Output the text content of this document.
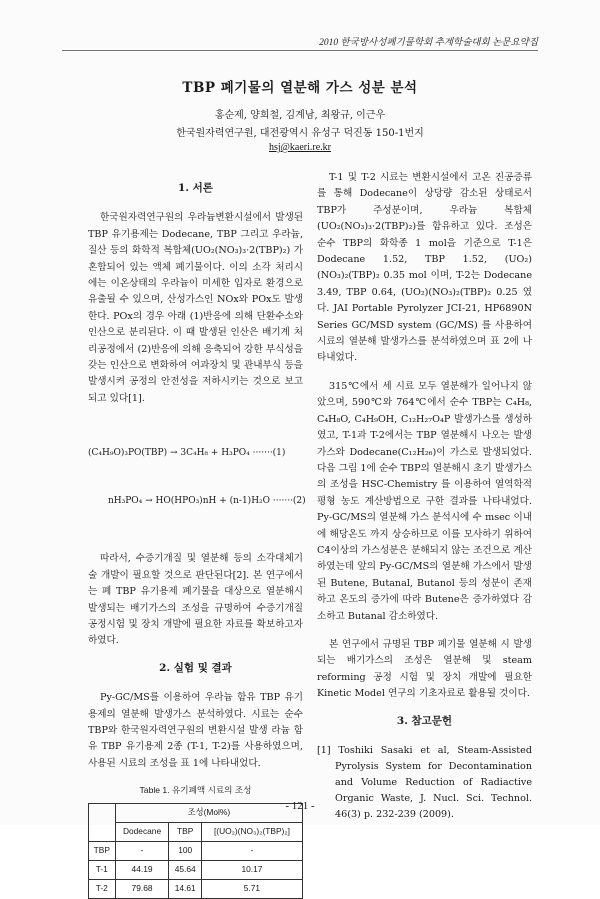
2010 한국방사성폐기물학회 추계학술대회 논문요약집
TBP 폐기물의 열분해 가스 성분 분석
홍순제, 양희철, 김계남, 최왕규, 이근우
한국원자력연구원, 대전광역시 유성구 덕진동 150-1번지
hsj@kaeri.re.kr
1. 서론

한국원자력연구원의 우라늄변환시설에서 발생된 TBP 유기용제는 Dodecane, TBP 그리고 우라늄, 질산 등의 화학적 복합체(UO₂(NO₃)₃·2(TBP)₂) 가 혼합되어 있는 액체 폐기물이다. 이의 소각 처리시에는 이온상태의 우라늄이 미세한 입자로 환경으로 유출될 수 있으며, 산성가스인 NOx와 POx도 발생한다. POx의 경우 아래 (1)반응에 의해 단환수소와 인산으로 분리된다. 이 때 발생된 인산은 배기계 처리공정에서 (2)반응에 의해 응축되어 강한 부식성을 갖는 인산으로 변화하여 여과장치 및 관내부식 등을 발생시켜 공정의 안전성을 저하시키는 것으로 보고되고 있다[1].

(C₄H₉O)₃PO(TBP) → 3C₄H₈ + H₃PO₄ ·······(1)

nH₃PO₄ → HO(HPO₃)nH + (n-1)H₂O ·······(2)

따라서, 수증기개질 및 열분해 등의 소각대체기술 개발이 필요할 것으로 판단된다[2]. 본 연구에서는 폐 TBP 유기용제 폐기물을 대상으로 열분해시 발생되는 배기가스의 조성을 규명하여 수증기개질 공정시험 및 장치 개발에 필요한 자료를 확보하고자 하였다.

2. 실험 및 결과

Py-GC/MS를 이용하여 우라늄 함유 TBP 유기용제의 열분해 발생가스 분석하였다. 시료는 순수 TBP와 한국원자력연구원의 변환시설 발생 라늄 함유 TBP 유기용제 2종 (T-1, T-2)를 사용하였으며, 사용된 시료의 조성을 표 1에 나타내었다.

Table 1. 유기폐액 시료의 조성
	조성(Mol%)		
	Dodecane	TBP	[(UO₂)(NO₃)₂(TBP)₂]
TBP	-	100	-
T-1	44.19	45.64	10.17
T-2	79.68	14.61	5.71

T-1 및 T-2 시료는 변환시설에서 고온 진공증류를 통해 Dodecane이 상당량 감소된 상태로서 TBP가 주성분이며, 우라늄 복합체(UO₂(NO₃)₃·2(TBP)₂)를 함유하고 있다. 조성은 순수 TBP의 화학종 1 mol을 기준으로 T-1은 Dodecane 1.52, TBP 1.52, (UO₂)(NO₃)₂(TBP)₂ 0.35 mol 이며, T-2는 Dodecane 3.49, TBP 0.64, (UO₂)(NO₃)₂(TBP)₂ 0.25 였다. JAI Portable Pyrolyzer JCI-21, HP6890N Series GC/MSD system (GC/MS) 를 사용하여 시료의 열분해 발생가스를 분석하였으며 표 2에 나타내었다.

315℃에서 세 시료 모두 열분해가 일어나지 않았으며, 590℃와 764℃에서 순수 TBP는 C₄H₈, C₄H₈O, C₄H₉OH, C₁₂H₂₇O₄P 발생가스를 생성하였고, T-1과 T-2에서는 TBP 열분해시 나오는 발생가스와 Dodecane(C₁₂H₂₆)이 가스로 발생되었다. 다음 그림 1에 순수 TBP의 열분해시 초기 발생가스의 조성을 HSC-Chemistry 를 이용하여 열역학적 평형 농도 계산방법으로 구한 결과를 나타내었다. Py-GC/MS의 열분해 가스 분석시에 수 msec 이내에 해당온도 까지 상승하므로 이를 모사하기 위하여 C4이상의 가스성분은 분해되지 않는 조건으로 계산하였는데 앞의 Py-GC/MS의 열분해 가스에서 발생된 Butene, Butanal, Butanol 등의 성분이 존재하고 온도의 증가에 따라 Butene은 증가하였다 감소하고 Butanal 감소하였다.

본 연구에서 규명된 TBP 폐기물 열분해 시 발생되는 배기가스의 조성은 열분해 및 steam reforming 공정 시험 및 장치 개발에 필요한 Kinetic Model 연구의 기초자료로 활용될 것이다.

3. 참고문헌

[1] Toshiki Sasaki et al, Steam-Assisted Pyrolysis System for Decontamination and Volume Reduction of Radiactive Organic Waste, J. Nucl. Sci. Technol. 46(3) p. 232-239 (2009).

- 121 -
